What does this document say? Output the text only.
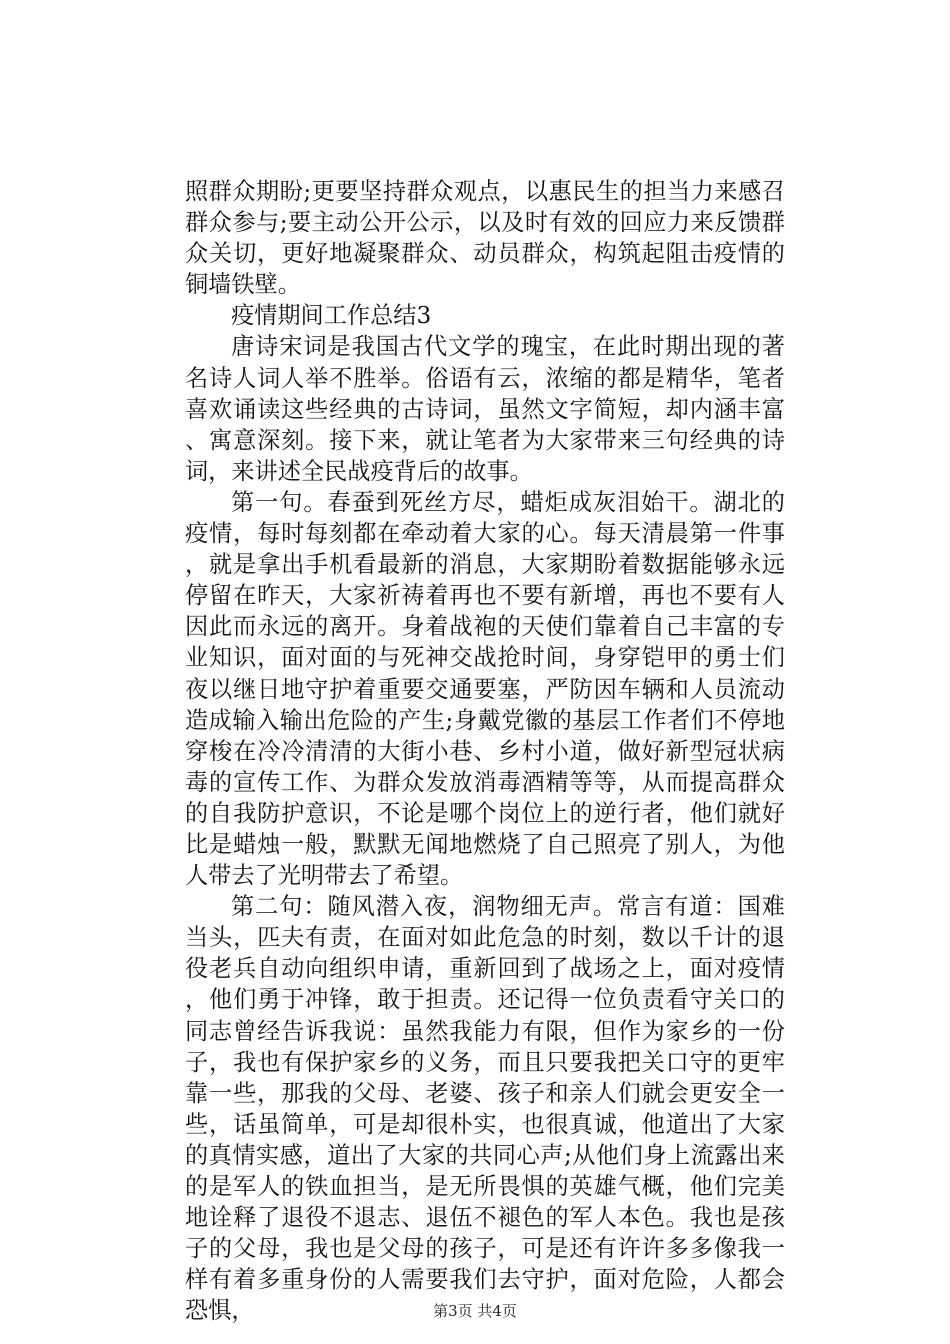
照群众期盼;更要坚持群众观点，以惠民生的担当力来感召群众参与;要主动公开公示，以及时有效的回应力来反馈群众关切，更好地凝聚群众、动员群众，构筑起阻击疫情的铜墙铁壁。

疫情期间工作总结3

唐诗宋词是我国古代文学的瑰宝，在此时期出现的著名诗人词人举不胜举。俗语有云，浓缩的都是精华，笔者喜欢诵读这些经典的古诗词，虽然文字简短，却内涵丰富、寓意深刻。接下来，就让笔者为大家带来三句经典的诗词，来讲述全民战疫背后的故事。

第一句。春蚕到死丝方尽，蜡炬成灰泪始干。湖北的疫情，每时每刻都在牵动着大家的心。每天清晨第一件事，就是拿出手机看最新的消息，大家期盼着数据能够永远停留在昨天，大家祈祷着再也不要有新增，再也不要有人因此而永远的离开。身着战袍的天使们靠着自己丰富的专业知识，面对面的与死神交战抢时间，身穿铠甲的勇士们夜以继日地守护着重要交通要塞，严防因车辆和人员流动造成输入输出危险的产生;身戴党徽的基层工作者们不停地穿梭在冷冷清清的大街小巷、乡村小道，做好新型冠状病毒的宣传工作、为群众发放消毒酒精等等，从而提高群众的自我防护意识，不论是哪个岗位上的逆行者，他们就好比是蜡烛一般，默默无闻地燃烧了自己照亮了别人，为他人带去了光明带去了希望。

第二句：随风潜入夜，润物细无声。常言有道：国难当头，匹夫有责，在面对如此危急的时刻，数以千计的退役老兵自动向组织申请，重新回到了战场之上，面对疫情，他们勇于冲锋，敢于担责。还记得一位负责看守关口的同志曾经告诉我说：虽然我能力有限，但作为家乡的一份子，我也有保护家乡的义务，而且只要我把关口守的更牢靠一些，那我的父母、老婆、孩子和亲人们就会更安全一些，话虽简单，可是却很朴实，也很真诚，他道出了大家的真情实感，道出了大家的共同心声;从他们身上流露出来的是军人的铁血担当，是无所畏惧的英雄气概，他们完美地诠释了退役不退志、退伍不褪色的军人本色。我也是孩子的父母，我也是父母的孩子，可是还有许许多多像我一样有着多重身份的人需要我们去守护，面对危险，人都会恐惧，	第3页 共4页
